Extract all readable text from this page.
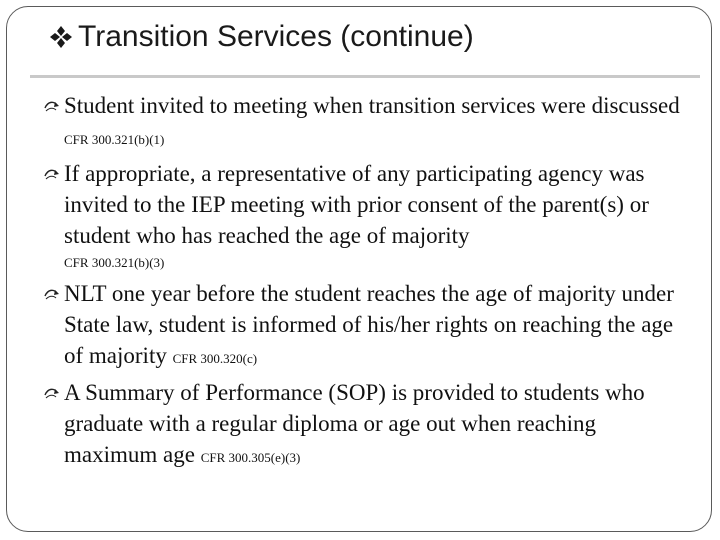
Transition Services (continue)
Student invited to meeting when transition services were discussed CFR 300.321(b)(1)
If appropriate, a representative of any participating agency was invited to the IEP meeting with prior consent of the parent(s) or student who has reached the age of majority
CFR 300.321(b)(3)
NLT one year before the student reaches the age of majority under State law, student is informed of his/her rights on reaching the age of majority CFR 300.320(c)
A Summary of Performance (SOP) is provided to students who graduate with a regular diploma or age out when reaching maximum age CFR 300.305(e)(3)
